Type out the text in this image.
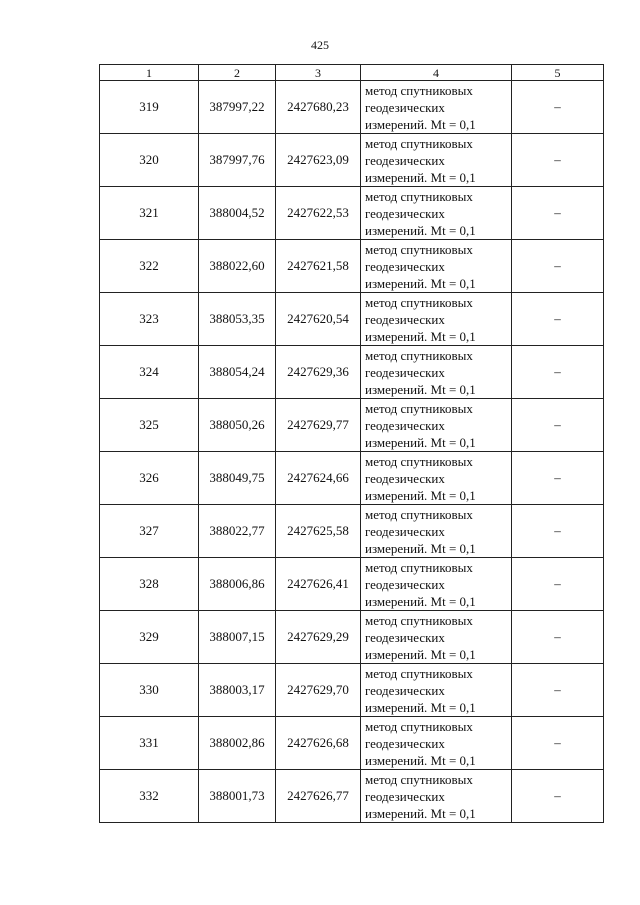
425
1	2	3	4	5
319	387997,22	2427680,23	метод спутниковых
геодезических
измерений. Mt = 0,1	–
320	387997,76	2427623,09	метод спутниковых
геодезических
измерений. Mt = 0,1	–
321	388004,52	2427622,53	метод спутниковых
геодезических
измерений. Mt = 0,1	–
322	388022,60	2427621,58	метод спутниковых
геодезических
измерений. Mt = 0,1	–
323	388053,35	2427620,54	метод спутниковых
геодезических
измерений. Mt = 0,1	–
324	388054,24	2427629,36	метод спутниковых
геодезических
измерений. Mt = 0,1	–
325	388050,26	2427629,77	метод спутниковых
геодезических
измерений. Mt = 0,1	–
326	388049,75	2427624,66	метод спутниковых
геодезических
измерений. Mt = 0,1	–
327	388022,77	2427625,58	метод спутниковых
геодезических
измерений. Mt = 0,1	–
328	388006,86	2427626,41	метод спутниковых
геодезических
измерений. Mt = 0,1	–
329	388007,15	2427629,29	метод спутниковых
геодезических
измерений. Mt = 0,1	–
330	388003,17	2427629,70	метод спутниковых
геодезических
измерений. Mt = 0,1	–
331	388002,86	2427626,68	метод спутниковых
геодезических
измерений. Mt = 0,1	–
332	388001,73	2427626,77	метод спутниковых
геодезических
измерений. Mt = 0,1	–
